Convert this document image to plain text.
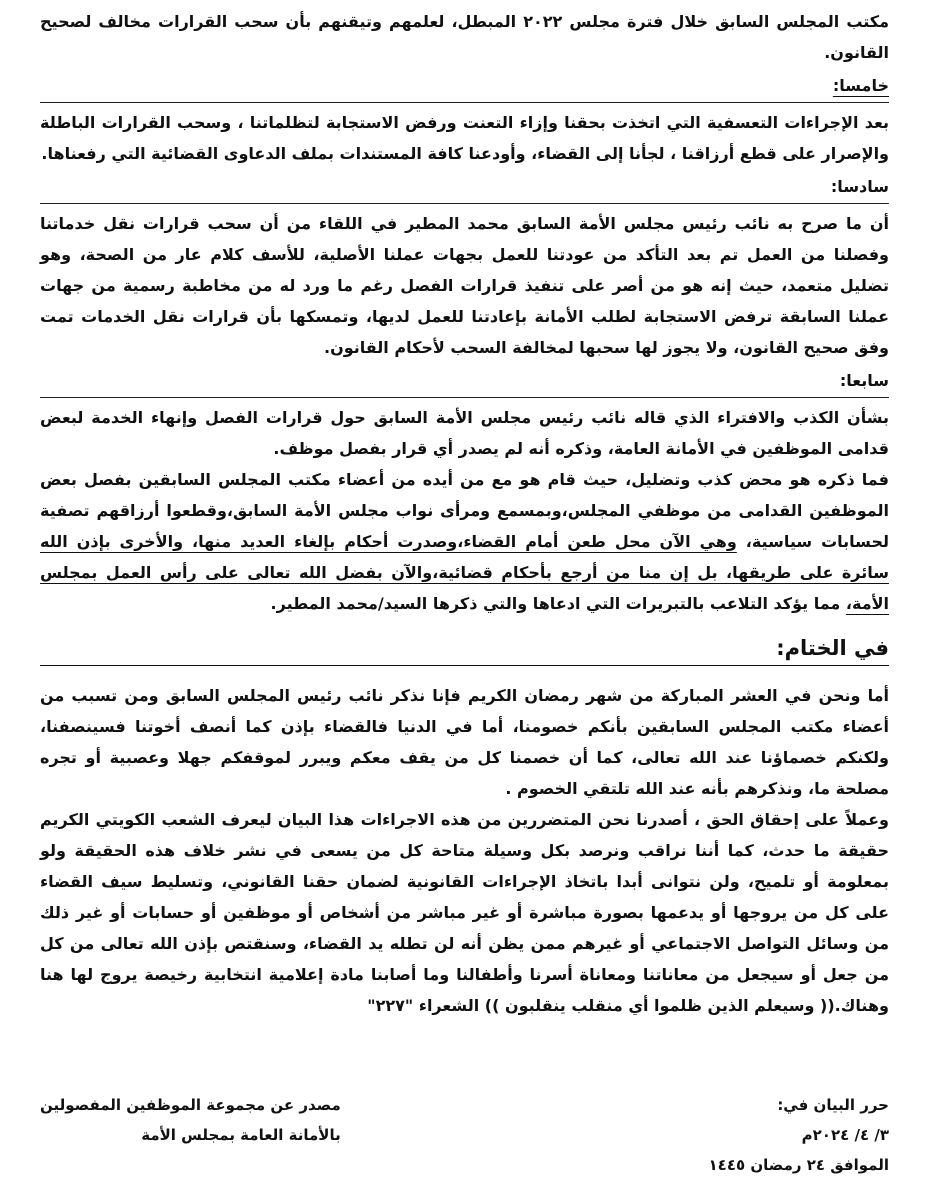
مكتب المجلس السابق خلال فترة مجلس ٢٠٢٢ المبطل، لعلمهم وتيقنهم بأن سحب القرارات مخالف لصحيح القانون.

خامسا:

بعد الإجراءات التعسفية التي اتخذت بحقنا وإزاء التعنت ورفض الاستجابة لتظلماتنا ، وسحب القرارات الباطلة والإصرار على قطع أرزاقنا ، لجأنا إلى القضاء، وأودعنا كافة المستندات بملف الدعاوى القضائية التي رفعناها.

سادسا:

أن ما صرح به نائب رئيس مجلس الأمة السابق محمد المطير في اللقاء من أن سحب قرارات نقل خدماتنا وفصلنا من العمل تم بعد التأكد من عودتنا للعمل بجهات عملنا الأصلية، للأسف كلام عار من الصحة، وهو تضليل متعمد، حيث إنه هو من أصر على تنفيذ قرارات الفصل رغم ما ورد له من مخاطبة رسمية من جهات عملنا السابقة ترفض الاستجابة لطلب الأمانة بإعادتنا للعمل لديها، وتمسكها بأن قرارات نقل الخدمات تمت وفق صحيح القانون، ولا يجوز لها سحبها لمخالفة السحب لأحكام القانون.

سابعا:

بشأن الكذب والافتراء الذي قاله نائب رئيس مجلس الأمة السابق حول قرارات الفصل وإنهاء الخدمة لبعض قدامى الموظفين في الأمانة العامة، وذكره أنه لم يصدر أي قرار بفصل موظف.

فما ذكره هو محض كذب وتضليل، حيث قام هو مع من أيده من أعضاء مكتب المجلس السابقين بفصل بعض الموظفين القدامى من موظفي المجلس،وبمسمع ومرأى نواب مجلس الأمة السابق،وقطعوا أرزاقهم تصفية لحسابات سياسية، وهي الآن محل طعن أمام القضاء،وصدرت أحكام بإلغاء العديد منها، والأخرى بإذن الله سائرة على طريقها، بل إن منا من أرجع بأحكام قضائية،والآن بفضل الله تعالى على رأس العمل بمجلس الأمة، مما يؤكد التلاعب بالتبريرات التي ادعاها والتي ذكرها السيد/محمد المطير.

في الختام:

أما ونحن في العشر المباركة من شهر رمضان الكريم فإنا نذكر نائب رئيس المجلس السابق ومن تسبب من أعضاء مكتب المجلس السابقين بأنكم خصومنا، أما في الدنيا فالقضاء بإذن كما أنصف أخوتنا فسينصفنا، ولكنكم خصماؤنا عند الله تعالى، كما أن خصمنا كل من يقف معكم ويبرر لموقفكم جهلا وعصبية أو تجره مصلحة ما، ونذكرهم بأنه عند الله تلتقي الخصوم .

وعملاً على إحقاق الحق ، أصدرنا نحن المتضررين من هذه الاجراءات هذا البيان ليعرف الشعب الكويتي الكريم حقيقة ما حدث، كما أننا نراقب ونرصد بكل وسيلة متاحة كل من يسعى في نشر خلاف هذه الحقيقة ولو بمعلومة أو تلميح، ولن نتوانى أبدا باتخاذ الإجراءات القانونية لضمان حقنا القانوني، وتسليط سيف القضاء على كل من يروجها أو يدعمها بصورة مباشرة أو غير مباشر من أشخاص أو موظفين أو حسابات أو غير ذلك من وسائل التواصل الاجتماعي أو غيرهم ممن يظن أنه لن تطله يد القضاء، وسنقتص بإذن الله تعالى من كل من جعل أو سيجعل من معاناتنا ومعاناة أسرنا وأطفالنا وما أصابنا مادة إعلامية انتخابية رخيصة يروج لها هنا وهناك.(( وسيعلم الذين ظلموا أي منقلب ينقلبون )) الشعراء "٢٢٧"

حرر البيان في:
٣/ ٤/ ٢٠٢٤م
الموافق ٢٤ رمضان ١٤٤٥
مصدر عن مجموعة الموظفين المفصولين
بالأمانة العامة بمجلس الأمة
